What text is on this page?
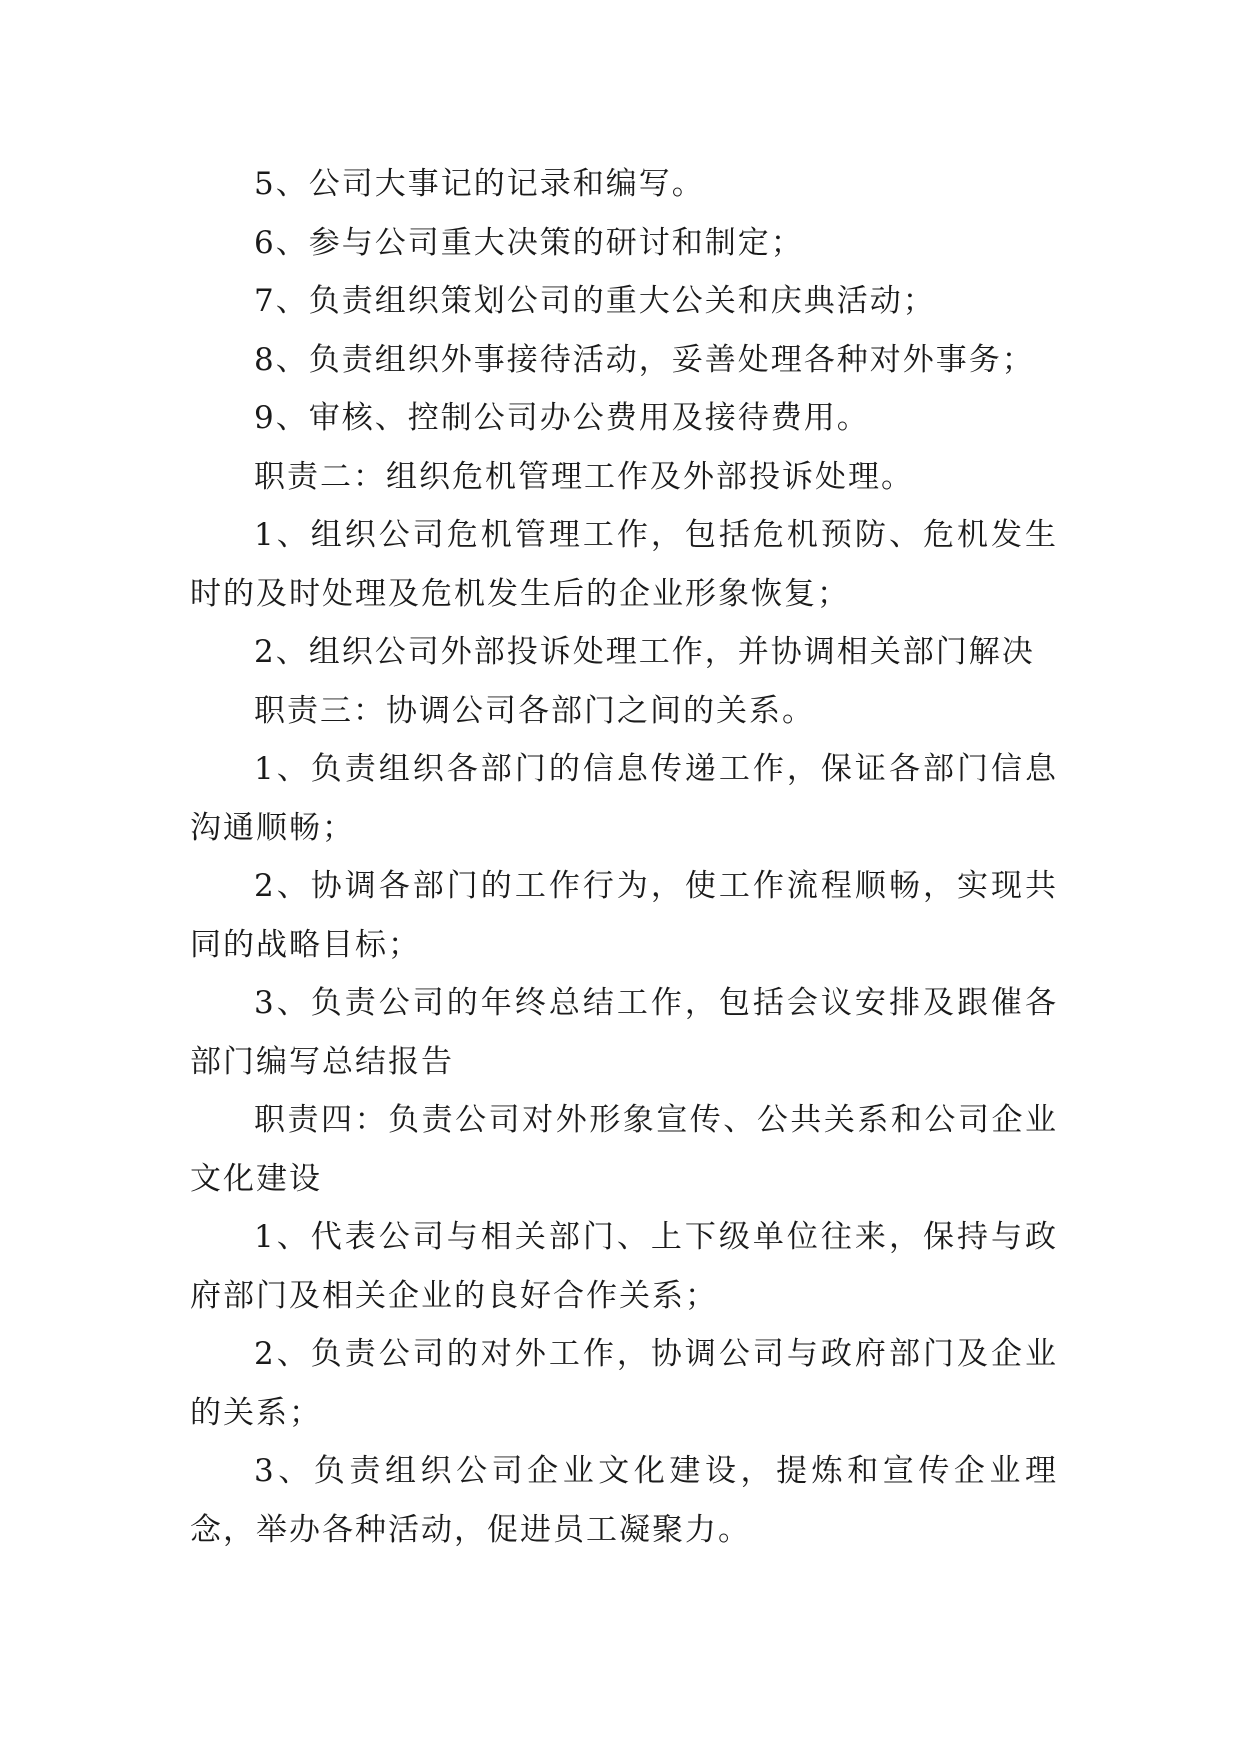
5、公司大事记的记录和编写。

6、参与公司重大决策的研讨和制定；

7、负责组织策划公司的重大公关和庆典活动；

8、负责组织外事接待活动，妥善处理各种对外事务；

9、审核、控制公司办公费用及接待费用。

职责二：组织危机管理工作及外部投诉处理。

1、组织公司危机管理工作，包括危机预防、危机发生时的及时处理及危机发生后的企业形象恢复；

2、组织公司外部投诉处理工作，并协调相关部门解决

职责三：协调公司各部门之间的关系。

1、负责组织各部门的信息传递工作，保证各部门信息沟通顺畅；

2、协调各部门的工作行为，使工作流程顺畅，实现共同的战略目标；

3、负责公司的年终总结工作，包括会议安排及跟催各部门编写总结报告

职责四：负责公司对外形象宣传、公共关系和公司企业文化建设

1、代表公司与相关部门、上下级单位往来，保持与政府部门及相关企业的良好合作关系；

2、负责公司的对外工作，协调公司与政府部门及企业的关系；

3、负责组织公司企业文化建设，提炼和宣传企业理念，举办各种活动，促进员工凝聚力。
